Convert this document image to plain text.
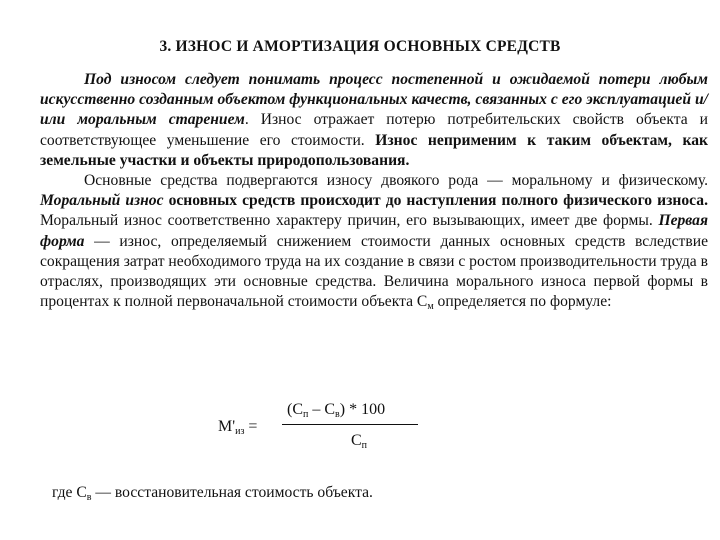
3. ИЗНОС И АМОРТИЗАЦИЯ ОСНОВНЫХ СРЕДСТВ

Под износом следует понимать процесс постепенной и ожидаемой потери любым искусственно созданным объектом функциональных качеств, связанных с его эксплуатацией и/или моральным старением. Износ отражает потерю потребительских свойств объекта и соответствующее уменьшение его стоимости. Износ неприменим к таким объектам, как земельные участки и объекты природопользования.

Основные средства подвергаются износу двоякого рода — моральному и физическому. Моральный износ основных средств происходит до наступления полного физического износа. Моральный износ соответственно характеру причин, его вызывающих, имеет две формы. Первая форма — износ, определяемый снижением стоимости данных основных средств вследствие сокращения затрат необходимого труда на их создание в связи с ростом производительности труда в отраслях, производящих эти основные средства. Величина морального износа первой формы в процентах к полной первоначальной стоимости объекта $С_м$ определяется по формуле:

$М'_{из}$ =
$(С_п - С_в) * 100$
$С_п$
где $С_в$ — восстановительная стоимость объекта.
